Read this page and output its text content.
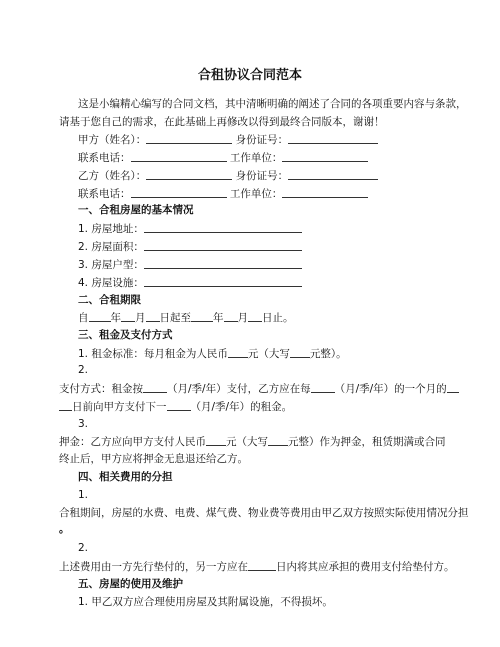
合租协议合同范本
这是小编精心编写的合同文档，其中清晰明确的阐述了合同的各项重要内容与条款，
请基于您自己的需求，在此基础上再修改以得到最终合同版本，谢谢！
甲方（姓名）：	身份证号：
联系电话：	工作单位：
乙方（姓名）：	身份证号：
联系电话：	工作单位：
一、合租房屋的基本情况
1. 房屋地址：
2. 房屋面积：
3. 房屋户型：
4. 房屋设施：
二、合租期限
自 年 月 日起至 年 月 日止。
三、租金及支付方式
1. 租金标准：每月租金为人民币 元（大写 元整）。
2.
支付方式：租金按 （月/季/年）支付，乙方应在每 （月/季/年）的一个月的
日前向甲方支付下一 （月/季/年）的租金。
3.
押金：乙方应向甲方支付人民币 元（大写 元整）作为押金，租赁期满或合同
终止后，甲方应将押金无息退还给乙方。
四、相关费用的分担
1.
合租期间，房屋的水费、电费、煤气费、物业费等费用由甲乙双方按照实际使用情况分担
。
2.
上述费用由一方先行垫付的，另一方应在	日内将其应承担的费用支付给垫付方。
五、房屋的使用及维护
1. 甲乙双方应合理使用房屋及其附属设施，不得损坏。
